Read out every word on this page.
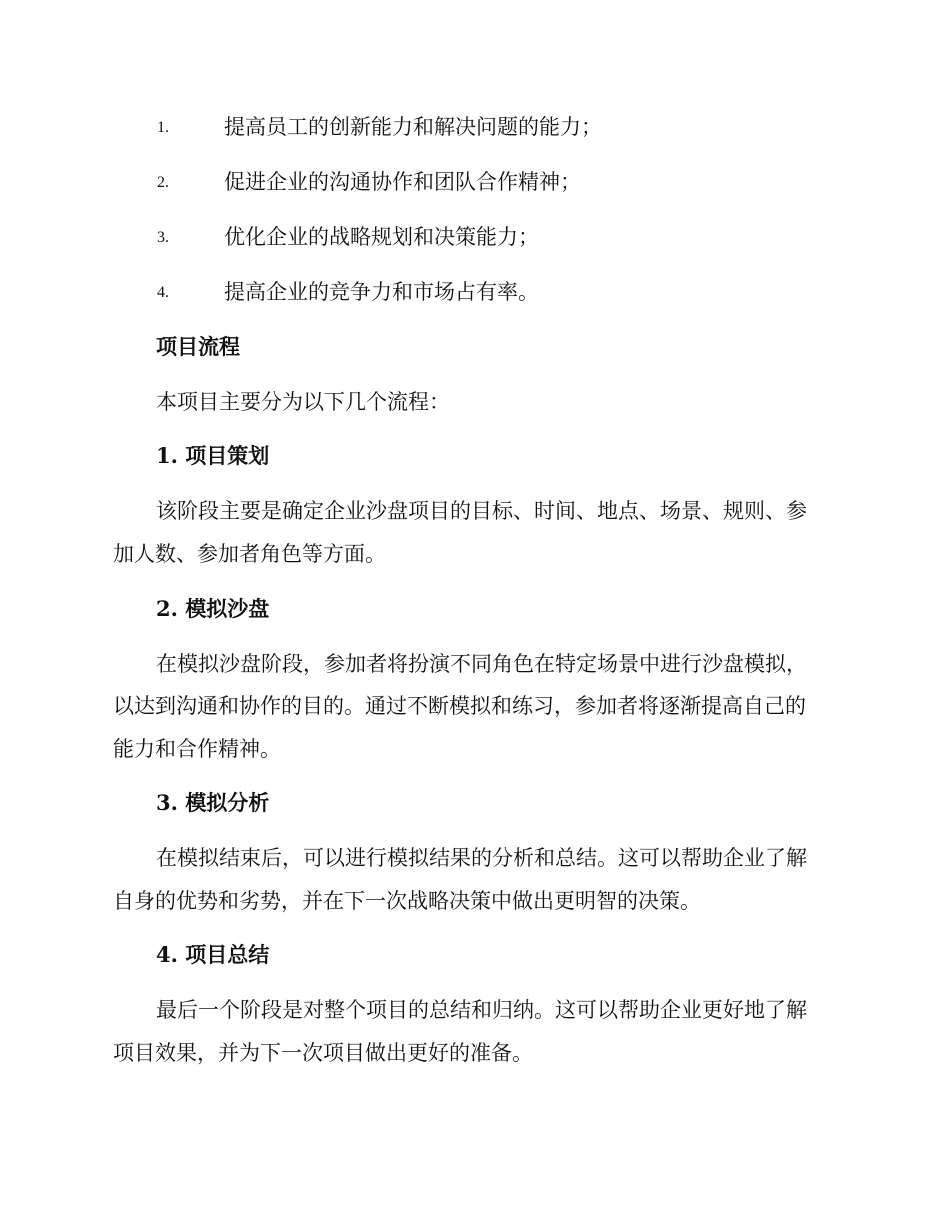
1.	提高员工的创新能力和解决问题的能力；
2.	促进企业的沟通协作和团队合作精神；
3.	优化企业的战略规划和决策能力；
4.	提高企业的竞争力和市场占有率。
项目流程
本项目主要分为以下几个流程：
1. 项目策划
该阶段主要是确定企业沙盘项目的目标、时间、地点、场景、规则、参
加人数、参加者角色等方面。
2. 模拟沙盘
在模拟沙盘阶段，参加者将扮演不同角色在特定场景中进行沙盘模拟，
以达到沟通和协作的目的。通过不断模拟和练习，参加者将逐渐提高自己的
能力和合作精神。
3. 模拟分析
在模拟结束后，可以进行模拟结果的分析和总结。这可以帮助企业了解
自身的优势和劣势，并在下一次战略决策中做出更明智的决策。
4. 项目总结
最后一个阶段是对整个项目的总结和归纳。这可以帮助企业更好地了解
项目效果，并为下一次项目做出更好的准备。
